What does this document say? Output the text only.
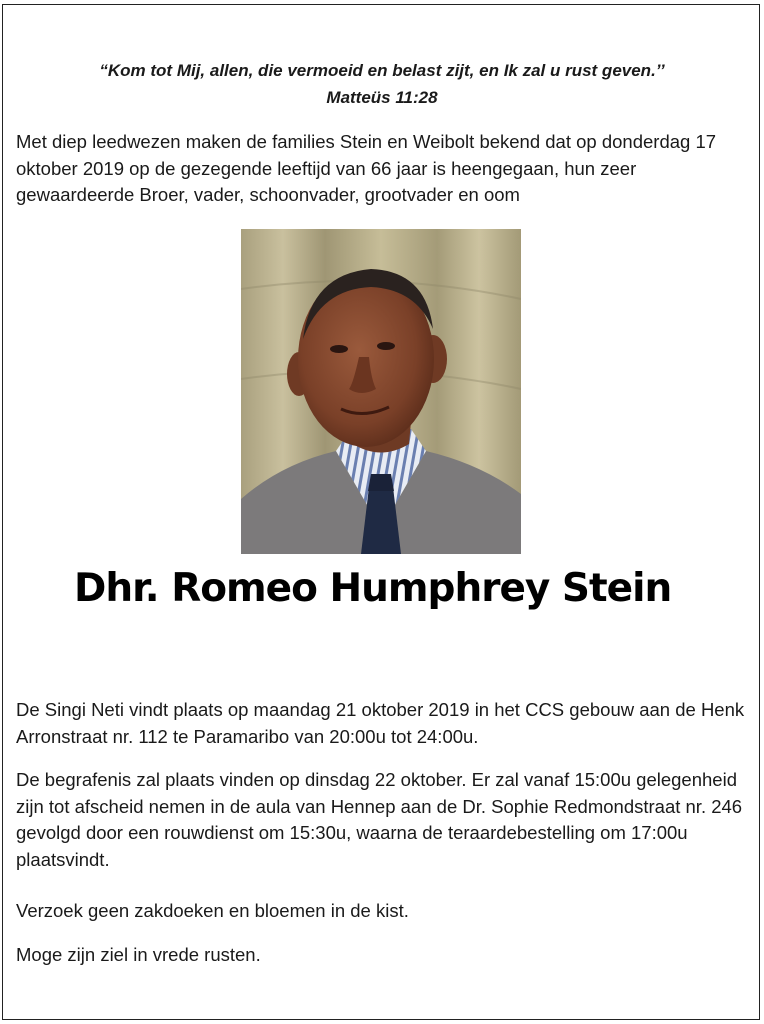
“Kom tot Mij, allen, die vermoeid en belast zijt, en Ik zal u rust geven.’’
Matteüs 11:28

Met diep leedwezen maken de families Stein en Weibolt bekend dat op donderdag 17 oktober 2019 op de gezegende leeftijd van 66 jaar is heengegaan, hun zeer gewaardeerde Broer, vader, schoonvader, grootvader en oom

Dhr. Romeo Humphrey Stein

De Singi Neti vindt plaats op maandag 21 oktober 2019 in het CCS gebouw aan de Henk Arronstraat nr. 112 te Paramaribo van 20:00u tot 24:00u.

De begrafenis zal plaats vinden op dinsdag 22 oktober. Er zal vanaf 15:00u gelegenheid zijn tot afscheid nemen in de aula van Hennep aan de Dr. Sophie Redmondstraat nr. 246 gevolgd door een rouwdienst om 15:30u, waarna de teraardebestelling om 17:00u plaatsvindt.

Verzoek geen zakdoeken en bloemen in de kist.

Moge zijn ziel in vrede rusten.
